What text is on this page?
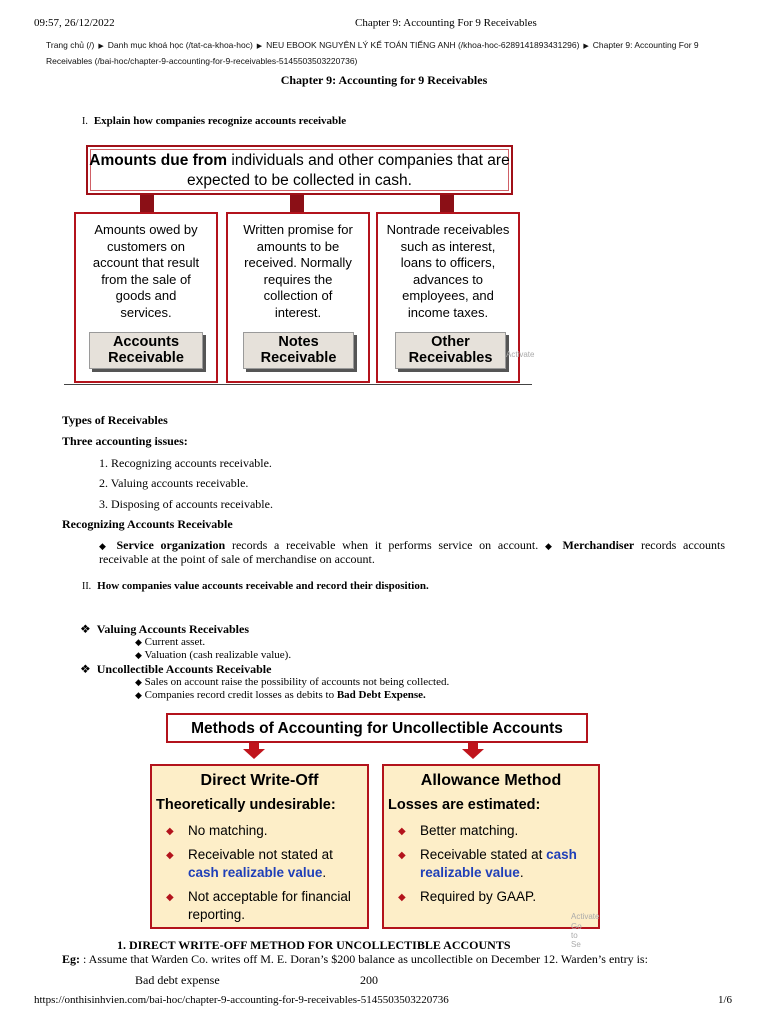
09:57, 26/12/2022	Chapter 9: Accounting For 9 Receivables
Trang chủ (/) ▶ Danh mục khoá học (/tat-ca-khoa-hoc) ▶ NEU EBOOK NGUYÊN LÝ KẾ TOÁN TIẾNG ANH (/khoa-hoc-6289141893431296) ▶ Chapter 9: Accounting For 9
Receivables (/bai-hoc/chapter-9-accounting-for-9-receivables-5145503503220736)
Chapter 9: Accounting for 9 Receivables
I. Explain how companies recognize accounts receivable
Amounts due from individuals and other companies that are
expected to be collected in cash.
Amounts owed by
customers on
account that result
from the sale of
goods and
services.
Accounts
Receivable
Written promise for
amounts to be
received. Normally
requires the
collection of
interest.
Notes
Receivable
Nontrade receivables
such as interest,
loans to officers,
advances to
employees, and
income taxes.
Other
Receivables	Activate
Types of Receivables
Three accounting issues:
1. Recognizing accounts receivable.
2. Valuing accounts receivable.
3. Disposing of accounts receivable.
Recognizing Accounts Receivable
◆ Service organization records a receivable when it performs service on account. ◆ Merchandiser records accounts
receivable at the point of sale of merchandise on account.
II. How companies value accounts receivable and record their disposition.
❖ Valuing Accounts Receivables
◆ Current asset.
◆ Valuation (cash realizable value).
❖ Uncollectible Accounts Receivable
◆ Sales on account raise the possibility of accounts not being collected.
◆ Companies record credit losses as debits to Bad Debt Expense.
Methods of Accounting for Uncollectible Accounts
Direct Write-Off
Theoretically undesirable:
◆ No matching.
◆ Receivable not stated at
cash realizable value.
◆ Not acceptable for financial
reporting.
Allowance Method
Losses are estimated:
◆ Better matching.
◆ Receivable stated at cash
realizable value.
◆ Required by GAAP.
Activate
Go to Se
1. DIRECT WRITE-OFF METHOD FOR UNCOLLECTIBLE ACCOUNTS
Eg: : Assume that Warden Co. writes off M. E. Doran’s $200 balance as uncollectible on December 12. Warden’s entry is:
Bad debt expense	200
https://onthisinhvien.com/bai-hoc/chapter-9-accounting-for-9-receivables-5145503503220736	1/6
